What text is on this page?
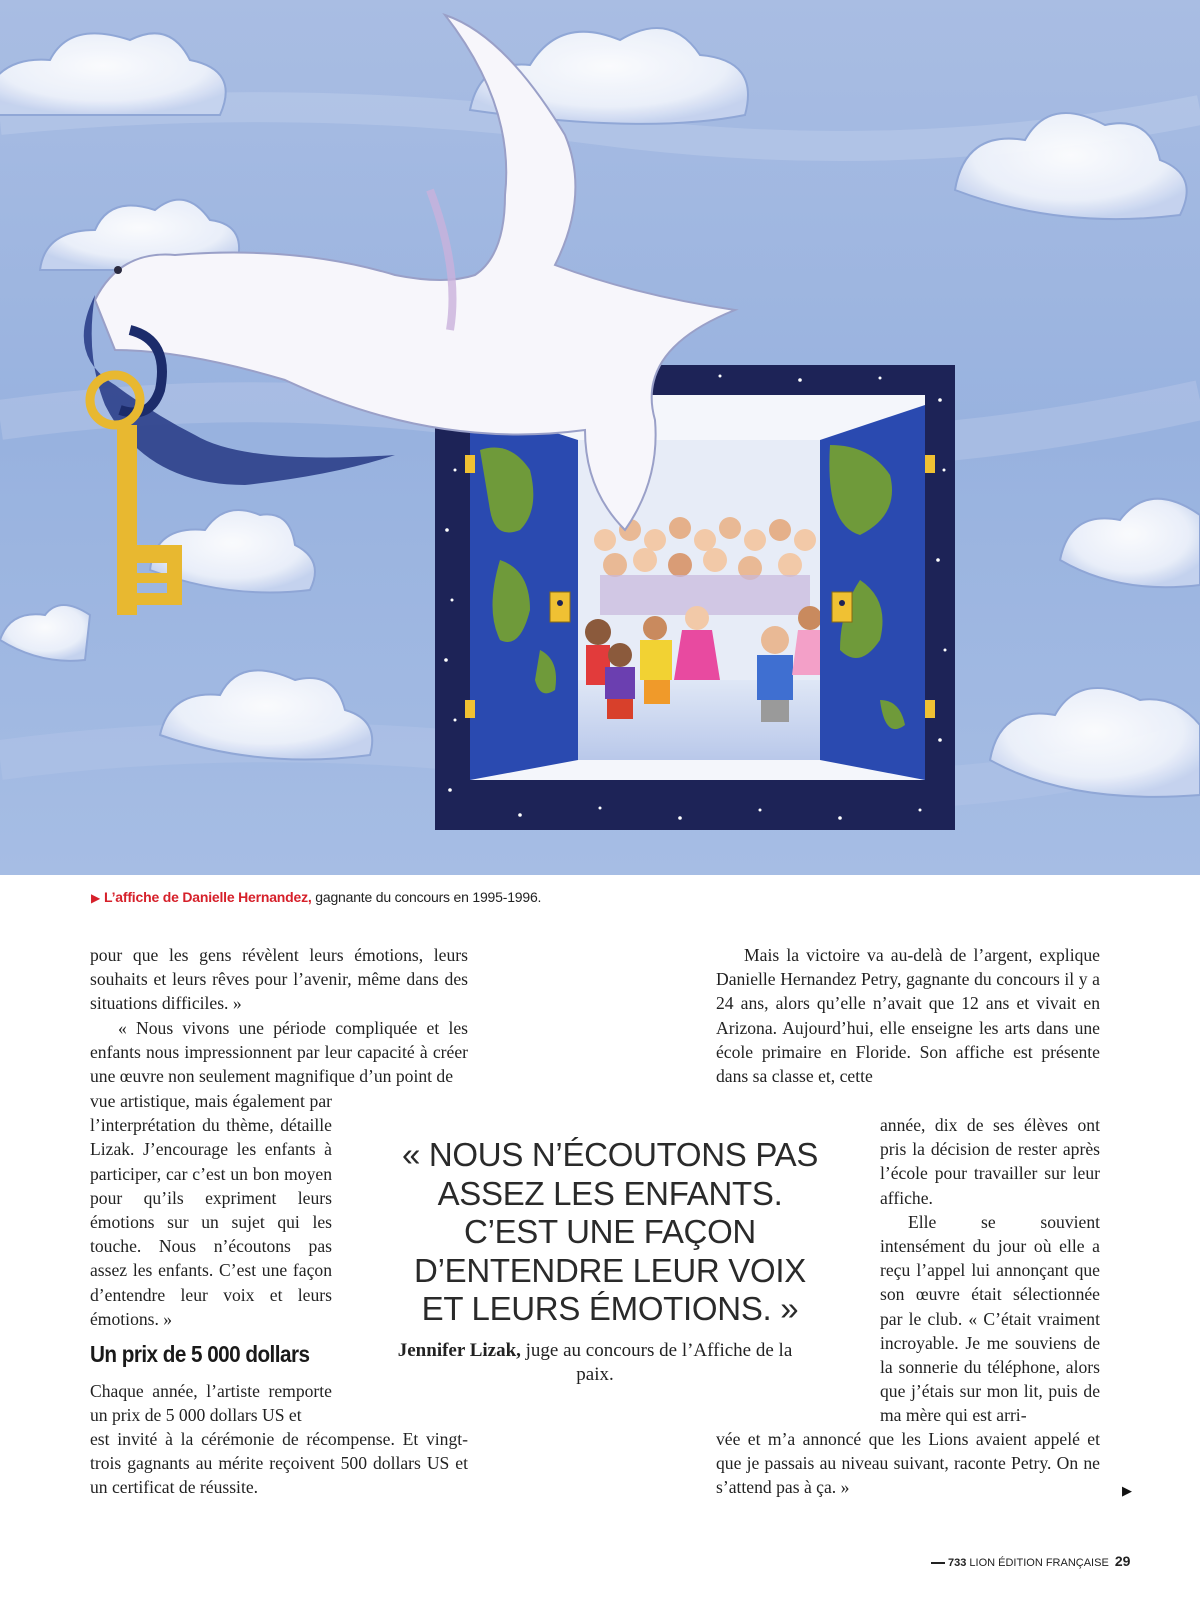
▶ L’affiche de Danielle Hernandez, gagnante du concours en 1995-1996.

pour que les gens révèlent leurs émotions, leurs souhaits et leurs rêves pour l’avenir, même dans des situations difficiles. »

« Nous vivons une période compliquée et les enfants nous impressionnent par leur capacité à créer une œuvre non seulement magnifique d’un point de

vue artistique, mais également par l’interprétation du thème, détaille Lizak. J’encourage les enfants à participer, car c’est un bon moyen pour qu’ils expriment leurs émotions sur un sujet qui les touche. Nous n’écoutons pas assez les enfants. C’est une façon d’entendre leur voix et leurs émotions. »

Un prix de 5 000 dollars

Chaque année, l’artiste remporte un prix de 5 000 dollars US et

est invité à la cérémonie de récompense. Et vingt-trois gagnants au mérite reçoivent 500 dollars US et un certificat de réussite.

« NOUS N’ÉCOUTONS PAS ASSEZ LES ENFANTS. C’EST UNE FAÇON D’ENTENDRE LEUR VOIX ET LEURS ÉMOTIONS. »
Jennifer Lizak, juge au concours de l’Affiche de la paix.

Mais la victoire va au-delà de l’argent, explique Danielle Hernandez Petry, gagnante du concours il y a 24 ans, alors qu’elle n’avait que 12 ans et vivait en Arizona. Aujourd’hui, elle enseigne les arts dans une école primaire en Floride. Son affiche est présente dans sa classe et, cette

année, dix de ses élèves ont pris la décision de rester après l’école pour travailler sur leur affiche.

Elle se souvient intensément du jour où elle a reçu l’appel lui annonçant que son œuvre était sélectionnée par le club. « C’était vraiment incroyable. Je me souviens de la sonnerie du téléphone, alors que j’étais sur mon lit, puis de ma mère qui est arri-

vée et m’a annoncé que les Lions avaient appelé et que je passais au niveau suivant, raconte Petry. On ne s’attend pas à ça. »	▶
733 LION ÉDITION FRANÇAISE 29
